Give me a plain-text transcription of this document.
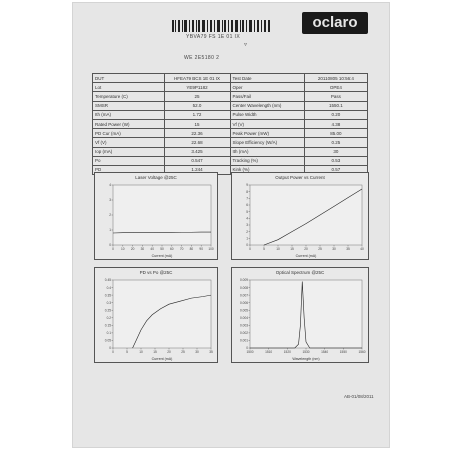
YBVA79 FS 1E 01 IX
WE 2E5180 2
▿
oclaro
DUT	HFEA79 BCS 1E 01 IX	Test Date	20110805 10:56:4
Lot	YE9P1182	Oper	OPE4
Temperature (C)	25	Pass/Fail	Pass
SMSR	52.0	Center Wavelength (nm)	1550.1
Ith (mA)	1.72	Pulse Width	0.20
Rated Power (W)	15	Vf (V)	4.38
PD Cur (mA)	22.36	Peak Power (mW)	85.00
Vf (V)	22.68	Slope Efficiency (W/A)	0.25
Iop (mA)	3.425	Ith (mA)	30
Po	0.547	Tracking (%)	0.53
PD	1.244	Kink (%)	0.57
Laser Voltage @25C
0
1
2
3
4
0 10 20 30 40 50 60 70 80 90 100
Current (mA)
Output Power vs Current
0
1
2
3
4
5
6
7
8
9
0	5	10	15	20	25	30	35	40
Current (mA)
PD vs Po @25C
0
0.05
0.1
0.15
0.2
0.25
0.3
0.35
0.4
0.45
0	5	10	15	20	25	30	35
Current (mA)
Optical Spectrum @25C
0
0.001
0.002
0.003
0.004
0.005
0.006
0.007
0.008
0.009
1500	1510	1520	1530	1540	1550	1560
Wavelength (nm)
AB-01/08/2011
